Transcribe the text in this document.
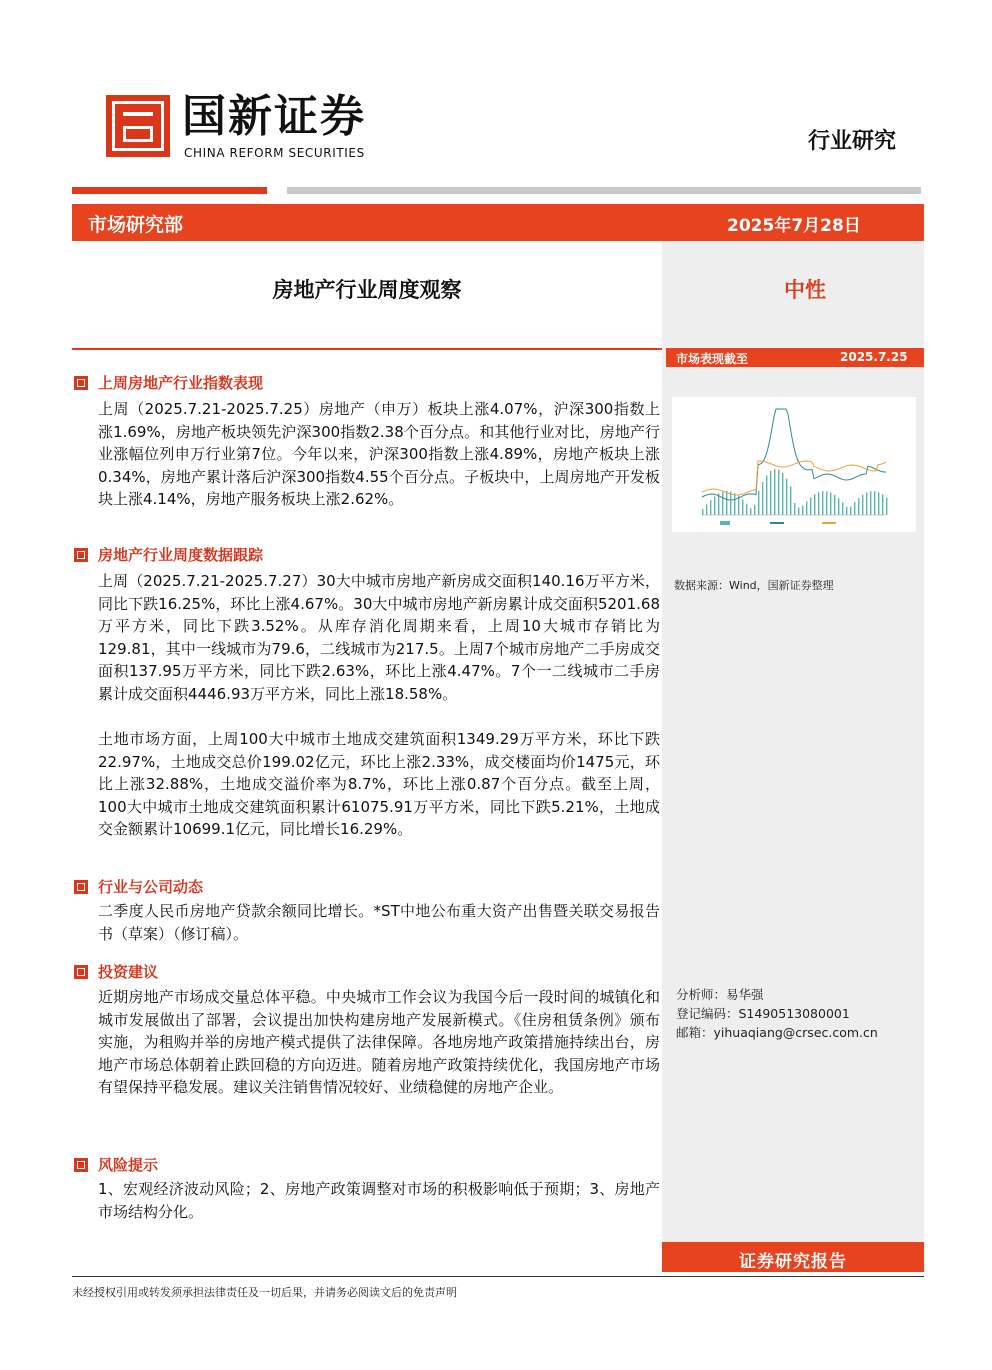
国新证券
CHINA REFORM SECURITIES	行业研究
市场研究部	2025年7月28日
房地产行业周度观察	中性
市场表现截至	2025.7.25
数据来源：Wind，国新证券整理
分析师：易华强
登记编码：S1490513080001
邮箱：yihuaqiang@crsec.com.cn
上周房地产行业指数表现
上周（2025.7.21-2025.7.25）房地产（申万）板块上涨4.07%，沪深300指数上涨1.69%，房地产板块领先沪深300指数2.38个百分点。和其他行业对比，房地产行业涨幅位列申万行业第7位。今年以来，沪深300指数上涨4.89%，房地产板块上涨0.34%，房地产累计落后沪深300指数4.55个百分点。子板块中，上周房地产开发板块上涨4.14%，房地产服务板块上涨2.62%。
房地产行业周度数据跟踪
上周（2025.7.21-2025.7.27）30大中城市房地产新房成交面积140.16万平方米，同比下跌16.25%，环比上涨4.67%。30大中城市房地产新房累计成交面积5201.68万平方米，同比下跌3.52%。从库存消化周期来看，上周10大城市存销比为129.81，其中一线城市为79.6，二线城市为217.5。上周7个城市房地产二手房成交面积137.95万平方米，同比下跌2.63%，环比上涨4.47%。7个一二线城市二手房累计成交面积4446.93万平方米，同比上涨18.58%。
土地市场方面，上周100大中城市土地成交建筑面积1349.29万平方米，环比下跌22.97%，土地成交总价199.02亿元，环比上涨2.33%，成交楼面均价1475元，环比上涨32.88%，土地成交溢价率为8.7%，环比上涨0.87个百分点。截至上周，100大中城市土地成交建筑面积累计61075.91万平方米，同比下跌5.21%，土地成交金额累计10699.1亿元，同比增长16.29%。
行业与公司动态
二季度人民币房地产贷款余额同比增长。*ST中地公布重大资产出售暨关联交易报告书（草案）（修订稿）。
投资建议
近期房地产市场成交量总体平稳。中央城市工作会议为我国今后一段时间的城镇化和城市发展做出了部署，会议提出加快构建房地产发展新模式。《住房租赁条例》颁布实施，为租购并举的房地产模式提供了法律保障。各地房地产政策措施持续出台，房地产市场总体朝着止跌回稳的方向迈进。随着房地产政策持续优化，我国房地产市场有望保持平稳发展。建议关注销售情况较好、业绩稳健的房地产企业。
风险提示
1、宏观经济波动风险；2、房地产政策调整对市场的积极影响低于预期；3、房地产市场结构分化。
证券研究报告
未经授权引用或转发须承担法律责任及一切后果，并请务必阅读文后的免责声明
